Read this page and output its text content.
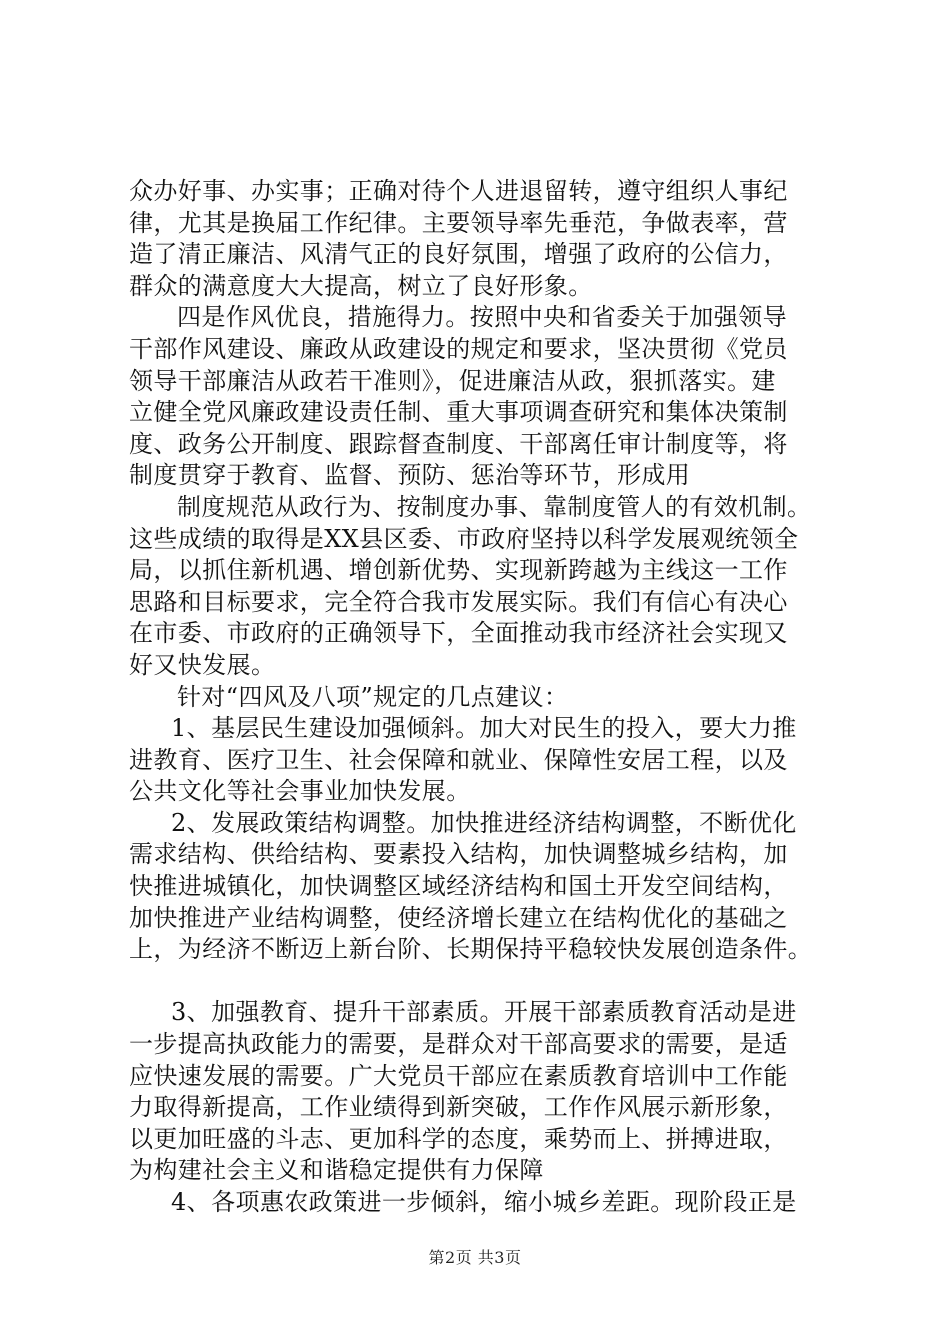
众办好事、办实事；正确对待个人进退留转，遵守组织人事纪
律，尤其是换届工作纪律。主要领导率先垂范，争做表率，营
造了清正廉洁、风清气正的良好氛围，增强了政府的公信力，
群众的满意度大大提高，树立了良好形象。
四是作风优良，措施得力。按照中央和省委关于加强领导
干部作风建设、廉政从政建设的规定和要求，坚决贯彻《党员
领导干部廉洁从政若干准则》，促进廉洁从政，狠抓落实。建
立健全党风廉政建设责任制、重大事项调查研究和集体决策制
度、政务公开制度、跟踪督查制度、干部离任审计制度等，将
制度贯穿于教育、监督、预防、惩治等环节，形成用
制度规范从政行为、按制度办事、靠制度管人的有效机制。
这些成绩的取得是XX县区委、市政府坚持以科学发展观统领全
局，以抓住新机遇、增创新优势、实现新跨越为主线这一工作
思路和目标要求，完全符合我市发展实际。我们有信心有决心
在市委、市政府的正确领导下，全面推动我市经济社会实现又
好又快发展。
针对“四风及八项”规定的几点建议：
1、基层民生建设加强倾斜。加大对民生的投入，要大力推
进教育、医疗卫生、社会保障和就业、保障性安居工程，以及
公共文化等社会事业加快发展。
2、发展政策结构调整。加快推进经济结构调整，不断优化
需求结构、供给结构、要素投入结构，加快调整城乡结构，加
快推进城镇化，加快调整区域经济结构和国土开发空间结构，
加快推进产业结构调整，使经济增长建立在结构优化的基础之
上，为经济不断迈上新台阶、长期保持平稳较快发展创造条件。
3、加强教育、提升干部素质。开展干部素质教育活动是进
一步提高执政能力的需要，是群众对干部高要求的需要，是适
应快速发展的需要。广大党员干部应在素质教育培训中工作能
力取得新提高，工作业绩得到新突破，工作作风展示新形象，
以更加旺盛的斗志、更加科学的态度，乘势而上、拼搏进取，
为构建社会主义和谐稳定提供有力保障
4、各项惠农政策进一步倾斜，缩小城乡差距。现阶段正是
第2页 共3页
